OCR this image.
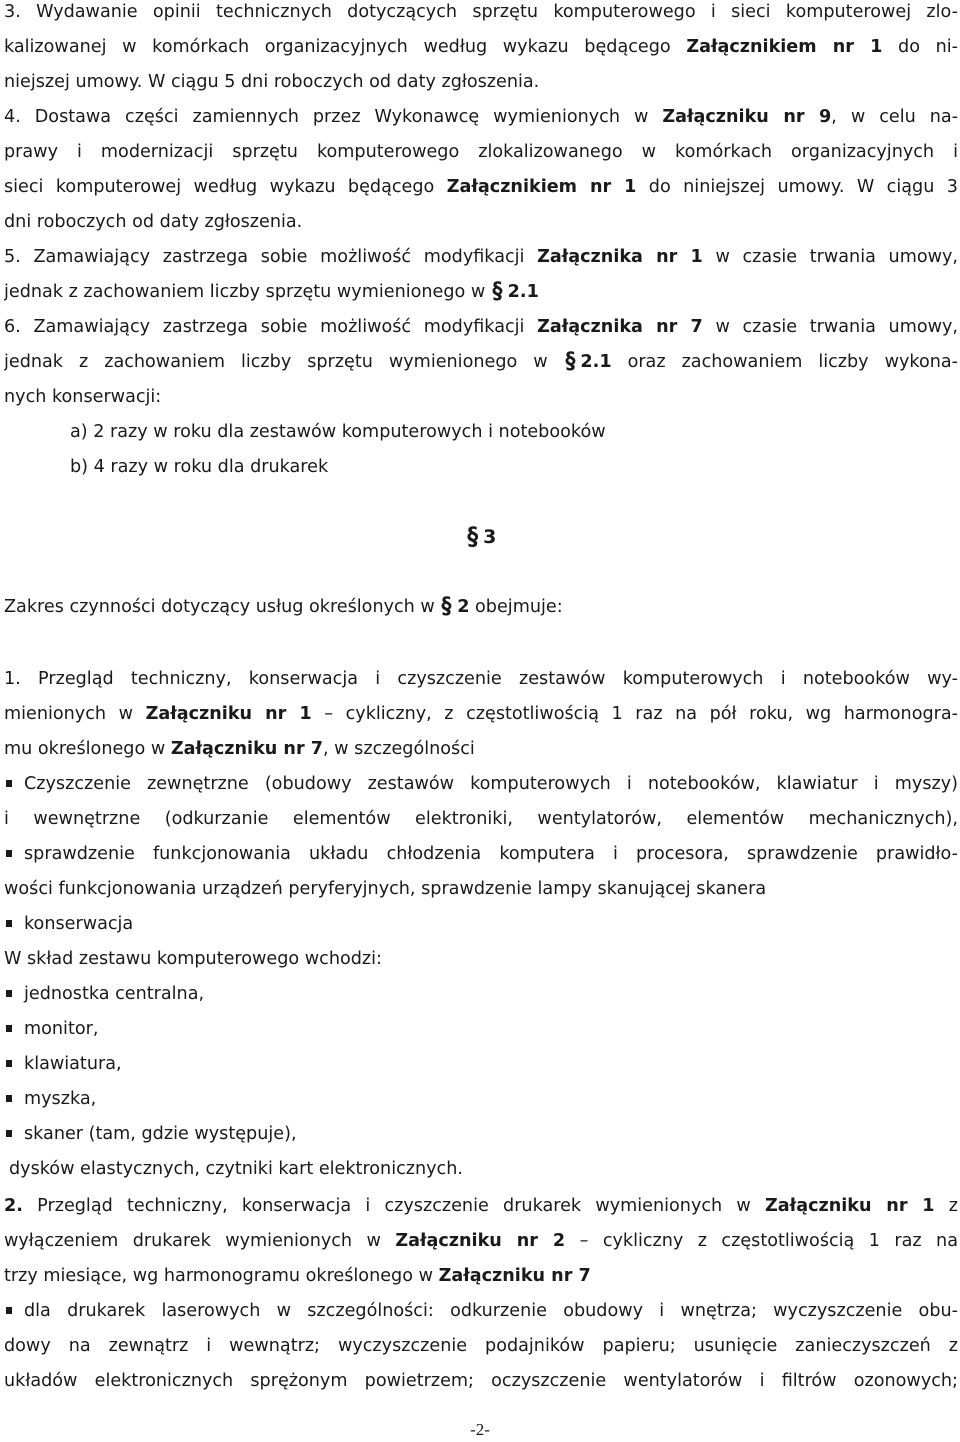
3. Wydawanie opinii technicznych dotyczących sprzętu komputerowego i sieci komputerowej zlo-
kalizowanej w komórkach organizacyjnych według wykazu będącego Załącznikiem nr 1 do ni-
niejszej umowy. W ciągu 5 dni roboczych od daty zgłoszenia.
4. Dostawa części zamiennych przez Wykonawcę wymienionych w Załączniku nr 9, w celu na-
prawy i modernizacji sprzętu komputerowego zlokalizowanego w komórkach organizacyjnych i
sieci komputerowej według wykazu będącego Załącznikiem nr 1 do niniejszej umowy. W ciągu 3
dni roboczych od daty zgłoszenia.
5. Zamawiający zastrzega sobie możliwość modyfikacji Załącznika nr 1 w czasie trwania umowy,
jednak z zachowaniem liczby sprzętu wymienionego w § 2.1
6. Zamawiający zastrzega sobie możliwość modyfikacji Załącznika nr 7 w czasie trwania umowy,
jednak z zachowaniem liczby sprzętu wymienionego w § 2.1 oraz zachowaniem liczby wykona-
nych konserwacji:
a) 2 razy w roku dla zestawów komputerowych i notebooków
b) 4 razy w roku dla drukarek
§ 3
Zakres czynności dotyczący usług określonych w § 2 obejmuje:
1. Przegląd techniczny, konserwacja i czyszczenie zestawów komputerowych i notebooków wy-
mienionych w Załączniku nr 1 – cykliczny, z częstotliwością 1 raz na pół roku, wg harmonogra-
mu określonego w Załączniku nr 7, w szczególności
Czyszczenie zewnętrzne (obudowy zestawów komputerowych i notebooków, klawiatur i myszy)
i wewnętrzne (odkurzanie elementów elektroniki, wentylatorów, elementów mechanicznych),
sprawdzenie funkcjonowania układu chłodzenia komputera i procesora, sprawdzenie prawidło-
wości funkcjonowania urządzeń peryferyjnych, sprawdzenie lampy skanującej skanera
konserwacja
W skład zestawu komputerowego wchodzi:
jednostka centralna,
monitor,
klawiatura,
myszka,
skaner (tam, gdzie występuje),
dysków elastycznych, czytniki kart elektronicznych.
2. Przegląd techniczny, konserwacja i czyszczenie drukarek wymienionych w Załączniku nr 1 z
wyłączeniem drukarek wymienionych w Załączniku nr 2 – cykliczny z częstotliwością 1 raz na
trzy miesiące, wg harmonogramu określonego w Załączniku nr 7
dla drukarek laserowych w szczególności: odkurzenie obudowy i wnętrza; wyczyszczenie obu-
dowy na zewnątrz i wewnątrz; wyczyszczenie podajników papieru; usunięcie zanieczyszczeń z
układów elektronicznych sprężonym powietrzem; oczyszczenie wentylatorów i filtrów ozonowych;
-2-
